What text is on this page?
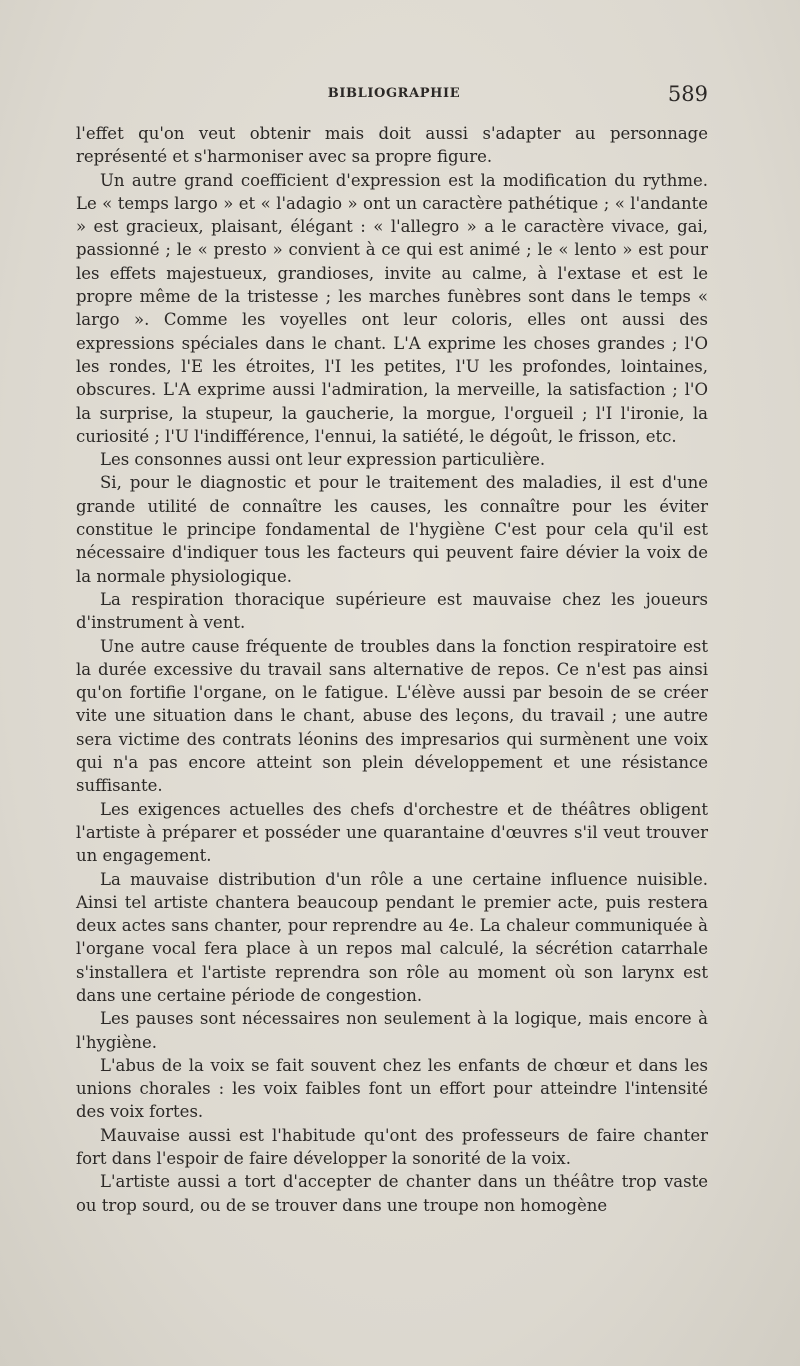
BIBLIOGRAPHIE	589

l'effet qu'on veut obtenir mais doit aussi s'adapter au personnage représenté et s'harmoniser avec sa propre figure.

Un autre grand coefficient d'expression est la modification du rythme. Le « temps largo » et « l'adagio » ont un caractère pathétique ; « l'andante » est gracieux, plaisant, élégant : « l'allegro » a le caractère vivace, gai, passionné ; le « presto » convient à ce qui est animé ; le « lento » est pour les effets majestueux, grandioses, invite au calme, à l'extase et est le propre même de la tristesse ; les marches funèbres sont dans le temps « largo ». Comme les voyelles ont leur coloris, elles ont aussi des expressions spéciales dans le chant. L'A exprime les choses grandes ; l'O les rondes, l'E les étroites, l'I les petites, l'U les profondes, lointaines, obscures. L'A exprime aussi l'admiration, la merveille, la satisfaction ; l'O la surprise, la stupeur, la gaucherie, la morgue, l'orgueil ; l'I l'ironie, la curiosité ; l'U l'indifférence, l'ennui, la satiété, le dégoût, le frisson, etc.

Les consonnes aussi ont leur expression particulière.

Si, pour le diagnostic et pour le traitement des maladies, il est d'une grande utilité de connaître les causes, les connaître pour les éviter constitue le principe fondamental de l'hygiène C'est pour cela qu'il est nécessaire d'indiquer tous les facteurs qui peuvent faire dévier la voix de la normale physiologique.

La respiration thoracique supérieure est mauvaise chez les joueurs d'instrument à vent.

Une autre cause fréquente de troubles dans la fonction respiratoire est la durée excessive du travail sans alternative de repos. Ce n'est pas ainsi qu'on fortifie l'organe, on le fatigue. L'élève aussi par besoin de se créer vite une situation dans le chant, abuse des leçons, du travail ; une autre sera victime des contrats léonins des impresarios qui surmènent une voix qui n'a pas encore atteint son plein développement et une résistance suffisante.

Les exigences actuelles des chefs d'orchestre et de théâtres obligent l'artiste à préparer et posséder une quarantaine d'œuvres s'il veut trouver un engagement.

La mauvaise distribution d'un rôle a une certaine influence nuisible. Ainsi tel artiste chantera beaucoup pendant le premier acte, puis restera deux actes sans chanter, pour reprendre au 4e. La chaleur communiquée à l'organe vocal fera place à un repos mal calculé, la sécrétion catarrhale s'installera et l'artiste reprendra son rôle au moment où son larynx est dans une certaine période de congestion.

Les pauses sont nécessaires non seulement à la logique, mais encore à l'hygiène.

L'abus de la voix se fait souvent chez les enfants de chœur et dans les unions chorales : les voix faibles font un effort pour atteindre l'intensité des voix fortes.

Mauvaise aussi est l'habitude qu'ont des professeurs de faire chanter fort dans l'espoir de faire développer la sonorité de la voix.

L'artiste aussi a tort d'accepter de chanter dans un théâtre trop vaste ou trop sourd, ou de se trouver dans une troupe non homogène
